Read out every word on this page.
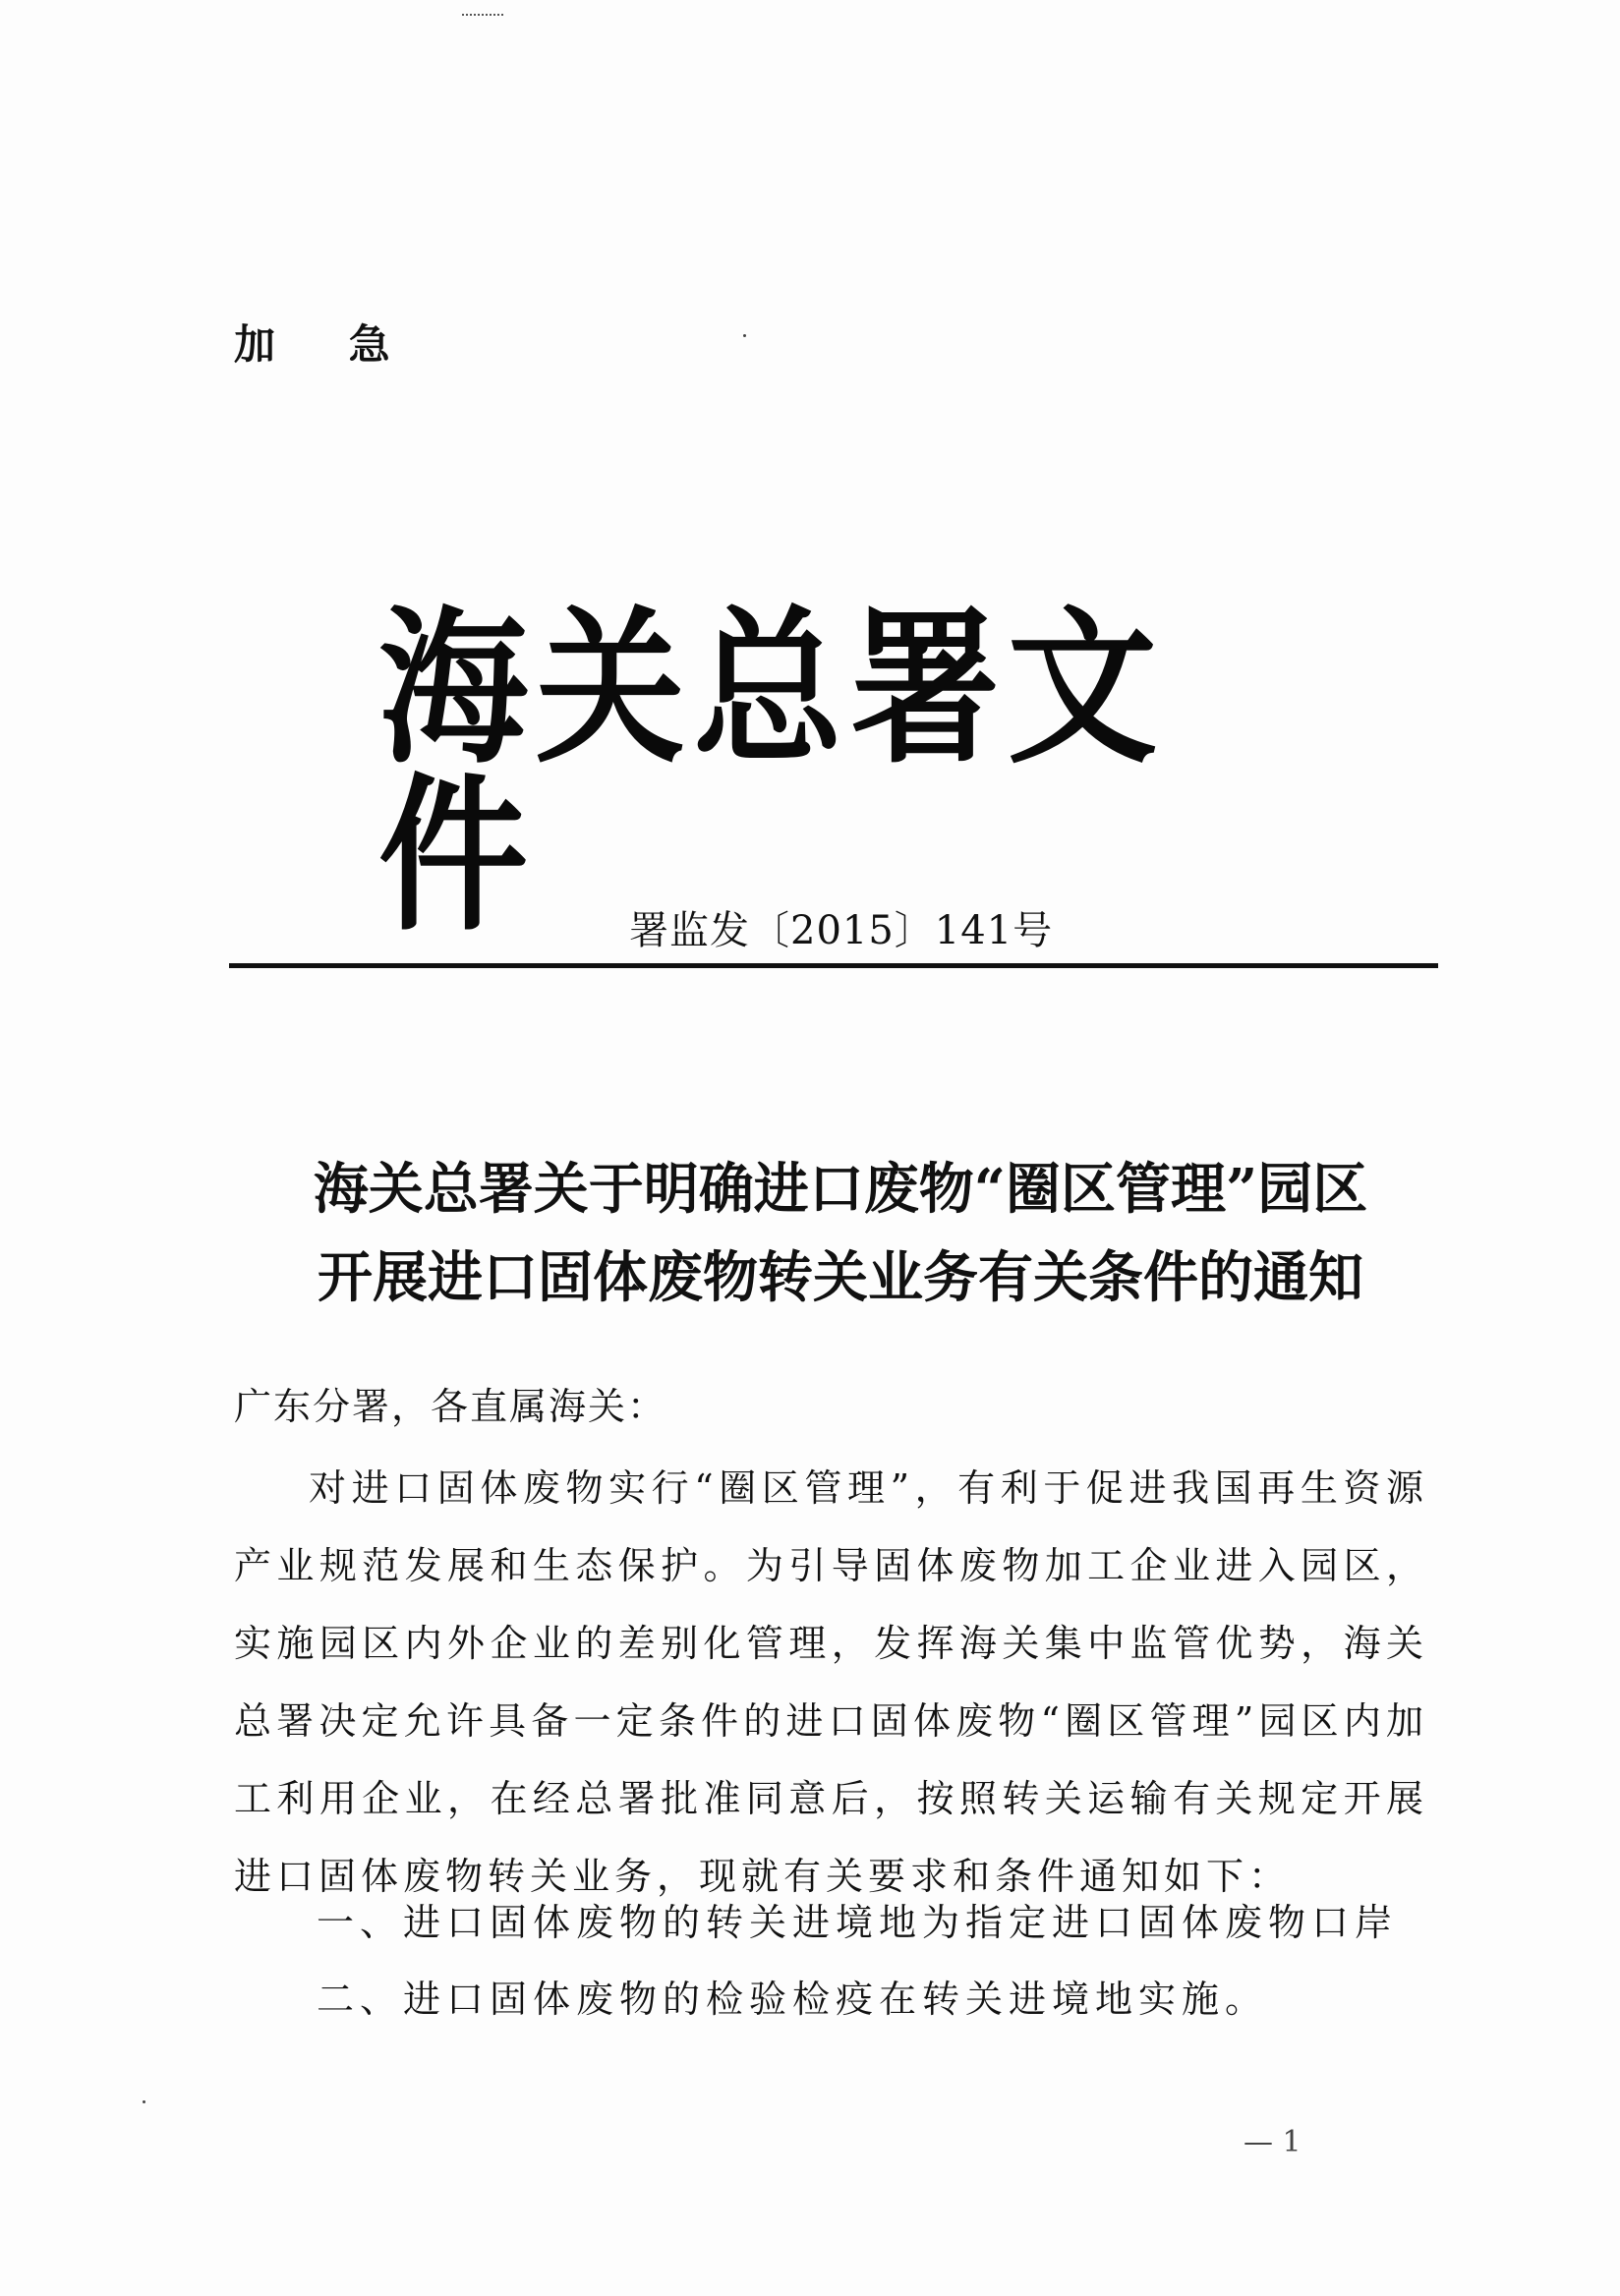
加 急
海关总署文件	署监发〔2015〕141号
海关总署关于明确进口废物“圈区管理”园区
开展进口固体废物转关业务有关条件的通知
广东分署，各直属海关：

对进口固体废物实行“圈区管理”，有利于促进我国再生资源产业规范发展和生态保护。为引导固体废物加工企业进入园区，实施园区内外企业的差别化管理，发挥海关集中监管优势，海关总署决定允许具备一定条件的进口固体废物“圈区管理”园区内加工利用企业，在经总署批准同意后，按照转关运输有关规定开展进口固体废物转关业务，现就有关要求和条件通知如下：

一、进口固体废物的转关进境地为指定进口固体废物口岸
二、进口固体废物的检验检疫在转关进境地实施。
— 1
